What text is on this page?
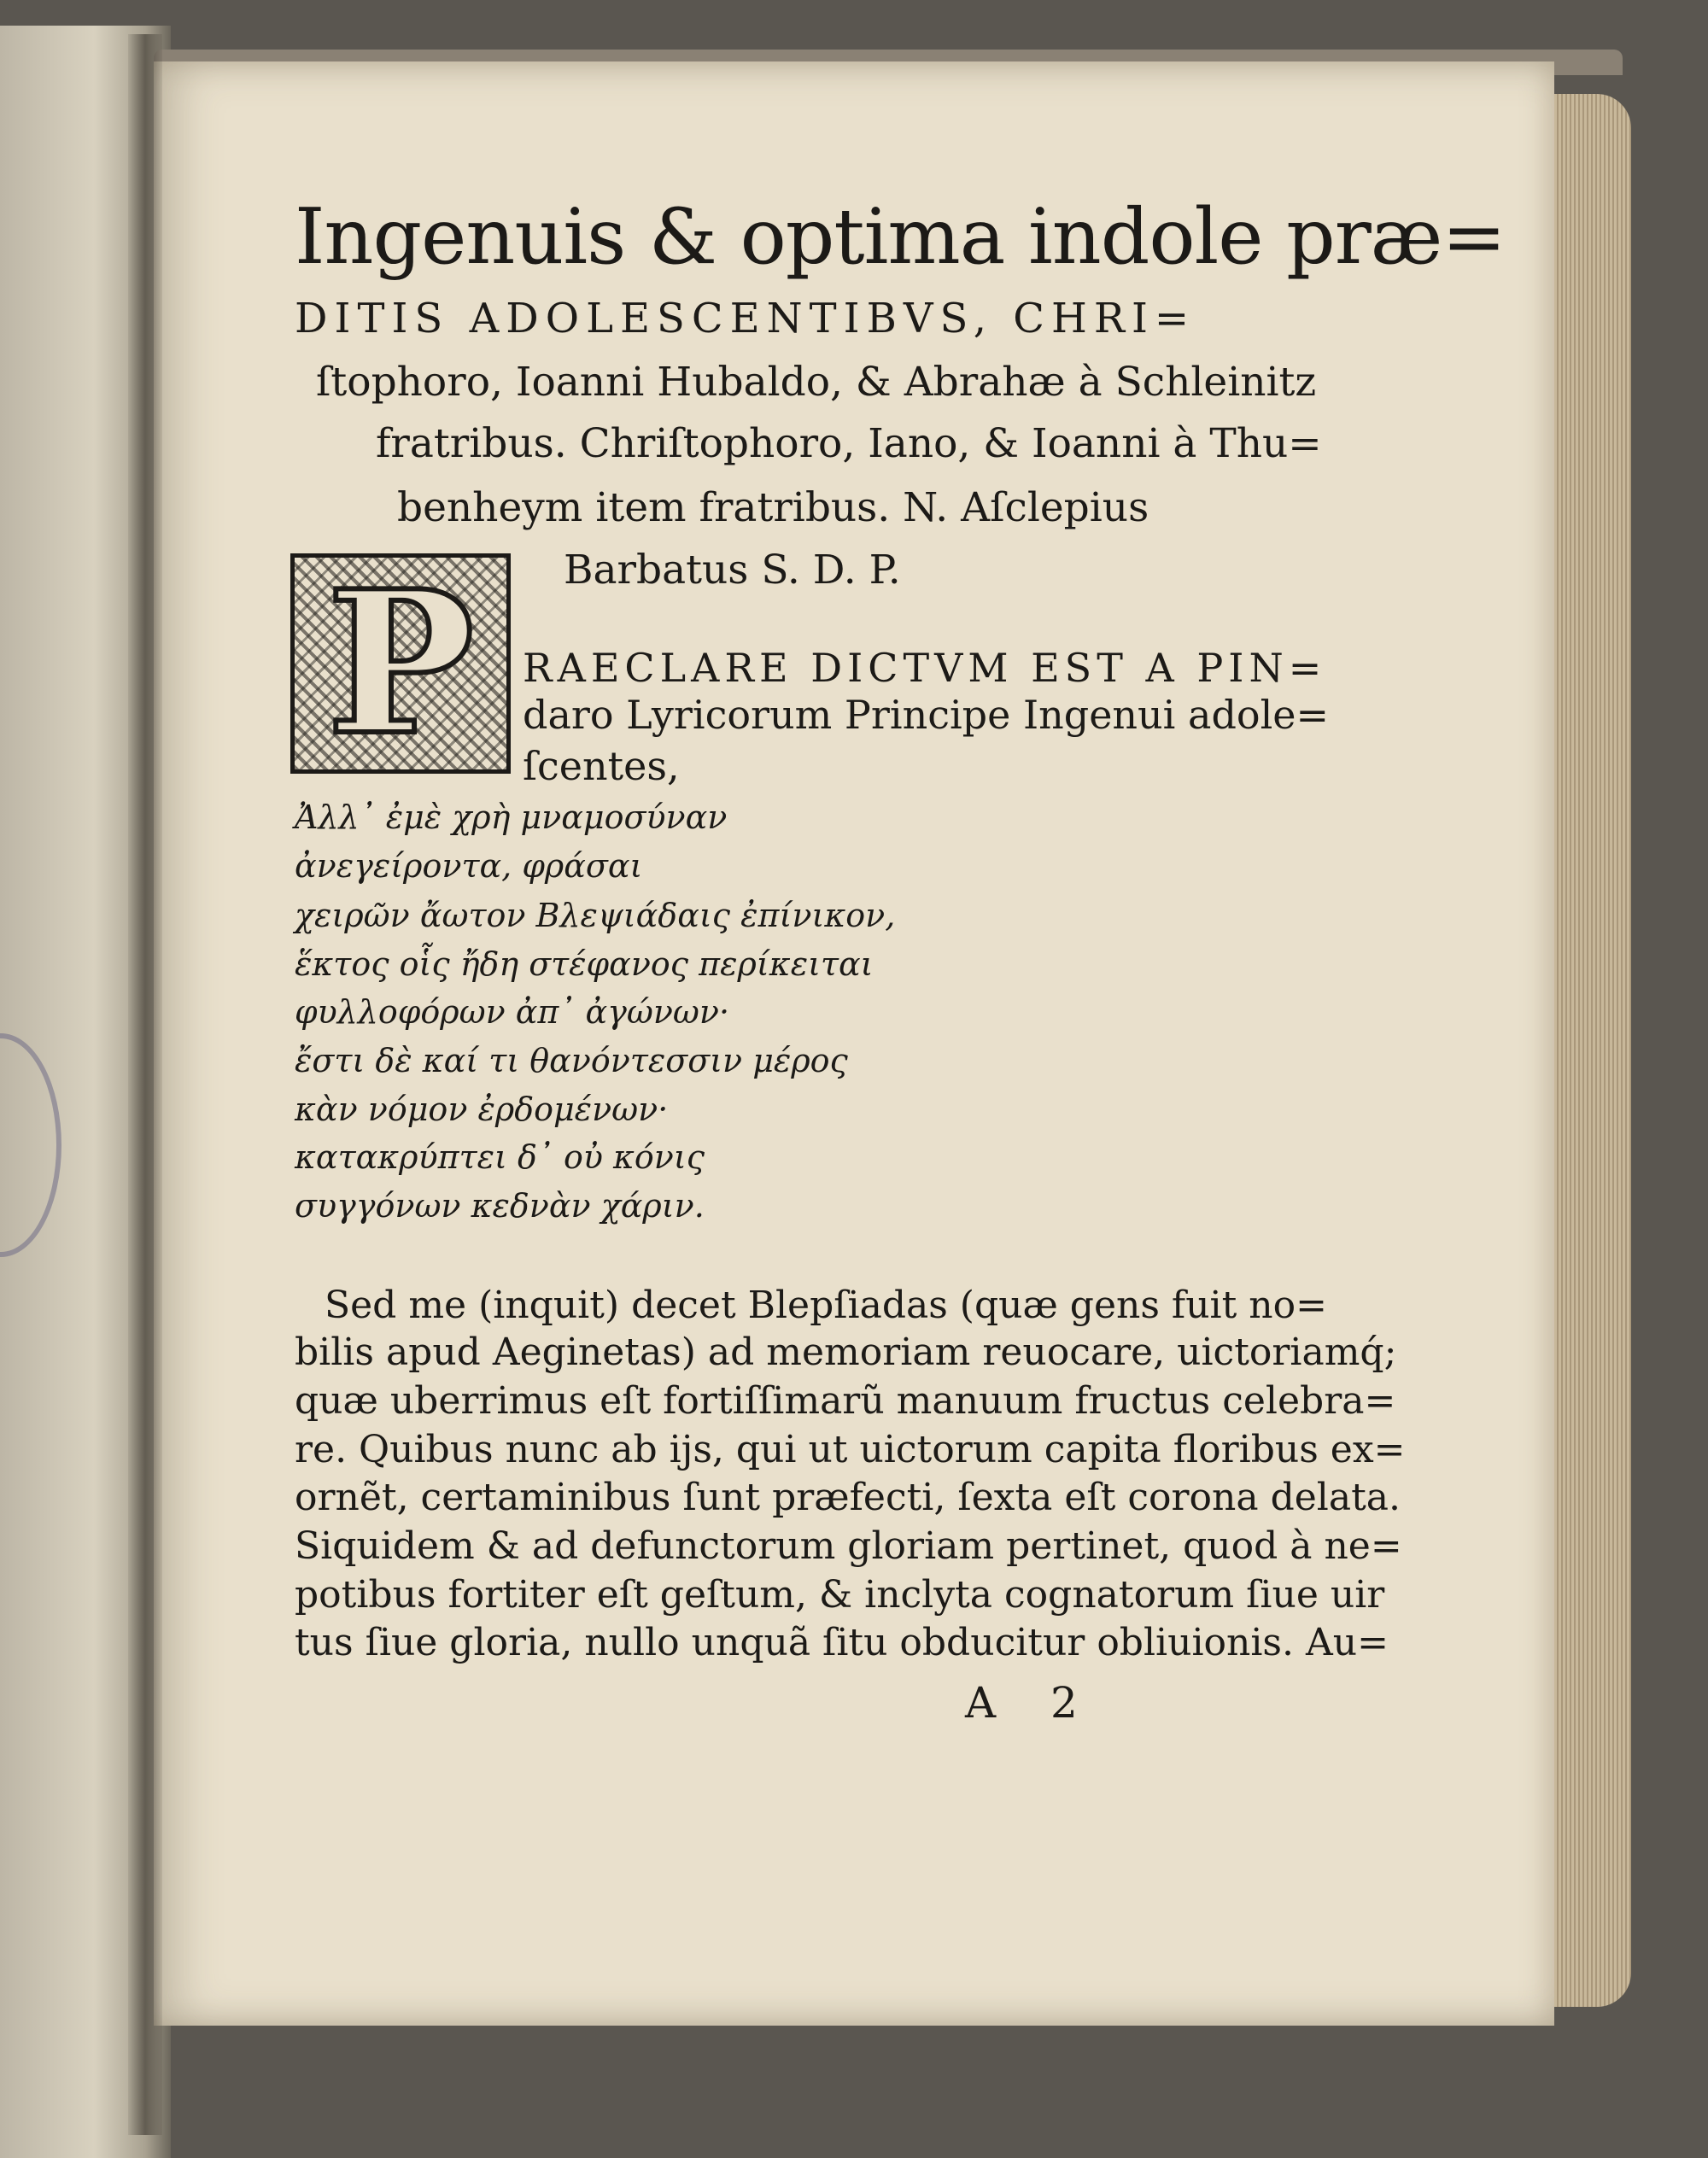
Ingenuis & optima indole præ=
DITIS ADOLESCENTIBVS, CHRI=
ſtophoro, Ioanni Hubaldo, & Abrahæ à Schleinitz
fratribus. Chriſtophoro, Iano, & Ioanni à Thu=
benheym item fratribus. N. Aſclepius
Barbatus S. D. P.
P	RAECLARE DICTVM EST A PIN=
daro Lyricorum Principe Ingenui adole=
ſcentes,
Ἀλλ᾽ ἐμὲ χρὴ μναμοσύναν
ἀνεγείροντα, φράσαι
χειρῶν ἄωτον Βλεψιάδαις ἐπίνικον,
ἕκτος οἷς ἤδη στέφανος περίκειται
φυλλοφόρων ἀπ᾽ ἀγώνων·
ἔστι δὲ καί τι θανόντεσσιν μέρος
κὰν νόμον ἐρδομένων·
κατακρύπτει δ᾽ οὐ κόνις
συγγόνων κεδνὰν χάριν.
Sed me (inquit) decet Blepſiadas (quæ gens fuit no=
bilis apud Aeginetas) ad memoriam reuocare, uictoriamq́;
quæ uberrimus eſt fortiſſimarũ manuum fructus celebra=
re. Quibus nunc ab ijs, qui ut uictorum capita floribus ex=
ornẽt, certaminibus ſunt præfecti, ſexta eſt corona delata.
Siquidem & ad defunctorum gloriam pertinet, quod à ne=
potibus fortiter eſt geſtum, & inclyta cognatorum ſiue uir
tus ſiue gloria, nullo unquã ſitu obducitur obliuionis. Au=
A 2
